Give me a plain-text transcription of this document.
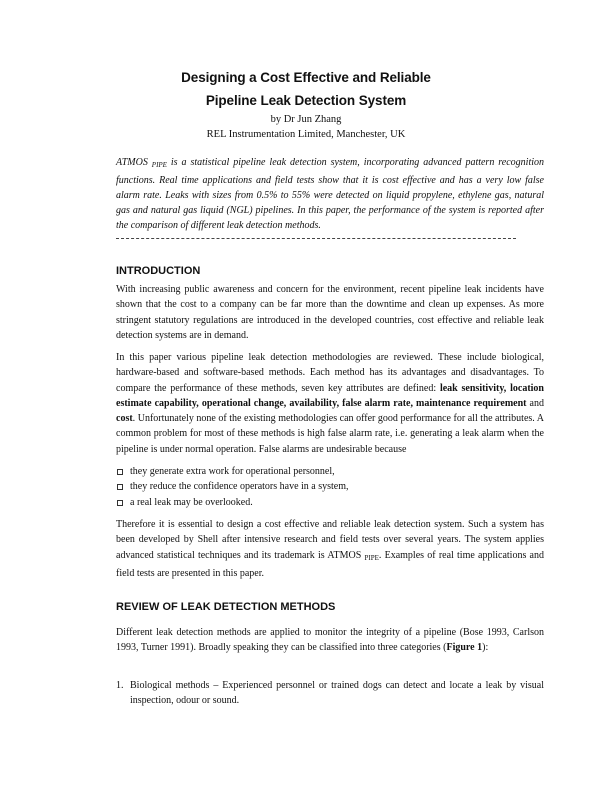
Designing a Cost Effective and Reliable
Pipeline Leak Detection System
by Dr Jun Zhang
REL Instrumentation Limited, Manchester, UK
ATMOS $_{PIPE}$ is a statistical pipeline leak detection system, incorporating advanced pattern recognition functions. Real time applications and field tests show that it is cost effective and has a very low false alarm rate. Leaks with sizes from 0.5% to 55% were detected on liquid propylene, ethylene gas, natural gas and natural gas liquid (NGL) pipelines. In this paper, the performance of the system is reported after the comparison of different leak detection methods.
INTRODUCTION
With increasing public awareness and concern for the environment, recent pipeline leak incidents have shown that the cost to a company can be far more than the downtime and clean up expenses. As more stringent statutory regulations are introduced in the developed countries, cost effective and reliable leak detection systems are in demand.
In this paper various pipeline leak detection methodologies are reviewed. These include biological, hardware-based and software-based methods. Each method has its advantages and disadvantages. To compare the performance of these methods, seven key attributes are defined: leak sensitivity, location estimate capability, operational change, availability, false alarm rate, maintenance requirement and cost. Unfortunately none of the existing methodologies can offer good performance for all the attributes. A common problem for most of these methods is high false alarm rate, i.e. generating a leak alarm when the pipeline is under normal operation. False alarms are undesirable because
they generate extra work for operational personnel,
they reduce the confidence operators have in a system,
a real leak may be overlooked.
Therefore it is essential to design a cost effective and reliable leak detection system. Such a system has been developed by Shell after intensive research and field tests over several years. The system applies advanced statistical techniques and its trademark is ATMOS $_{PIPE}$. Examples of real time applications and field tests are presented in this paper.
REVIEW OF LEAK DETECTION METHODS
Different leak detection methods are applied to monitor the integrity of a pipeline (Bose 1993, Carlson 1993, Turner 1991). Broadly speaking they can be classified into three categories (Figure 1):
1. Biological methods – Experienced personnel or trained dogs can detect and locate a leak by visual inspection, odour or sound.
